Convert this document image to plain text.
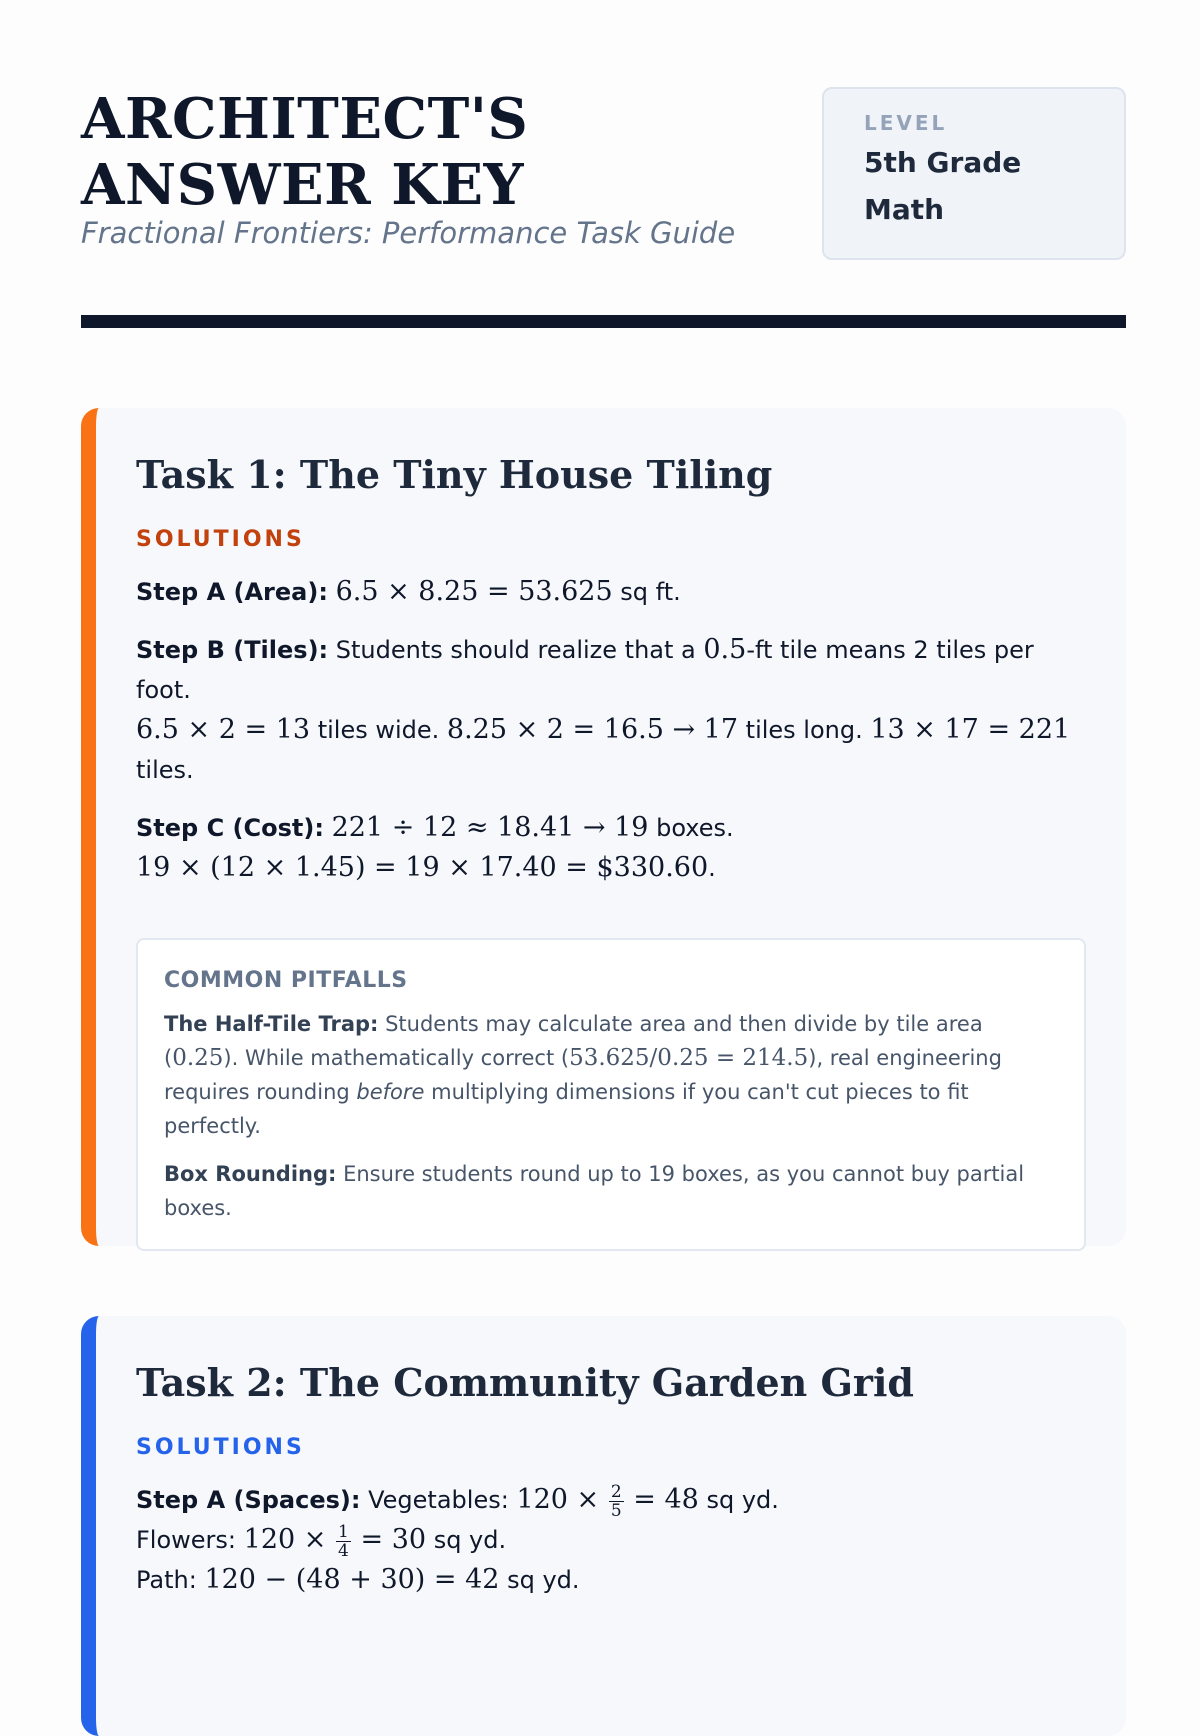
ARCHITECT'S ANSWER KEY
Fractional Frontiers: Performance Task Guide
LEVEL
5th Grade
Math
Task 1: The Tiny House Tiling
SOLUTIONS

Step A (Area): 6.5 × 8.25 = 53.625 sq ft.

Step B (Tiles): Students should realize that a 0.5-ft tile means 2 tiles per foot.
6.5 × 2 = 13 tiles wide. 8.25 × 2 = 16.5 → 17 tiles long. 13 × 17 = 221
tiles.

Step C (Cost): 221 ÷ 12 ≈ 18.41 → 19 boxes.
19 × (12 × 1.45) = 19 × 17.40 = $330.60.

COMMON PITFALLS

The Half-Tile Trap: Students may calculate area and then divide by tile area (0.25). While mathematically correct (53.625/0.25 = 214.5), real engineering requires rounding before multiplying dimensions if you can't cut pieces to fit perfectly.

Box Rounding: Ensure students round up to 19 boxes, as you cannot buy partial boxes.

Task 2: The Community Garden Grid
SOLUTIONS

Step A (Spaces): Vegetables: $120 \times \frac{2}{5} = 48$ sq yd.
Flowers: $120 \times \frac{1}{4} = 30$ sq yd.
Path: 120 − (48 + 30) = 42 sq yd.
